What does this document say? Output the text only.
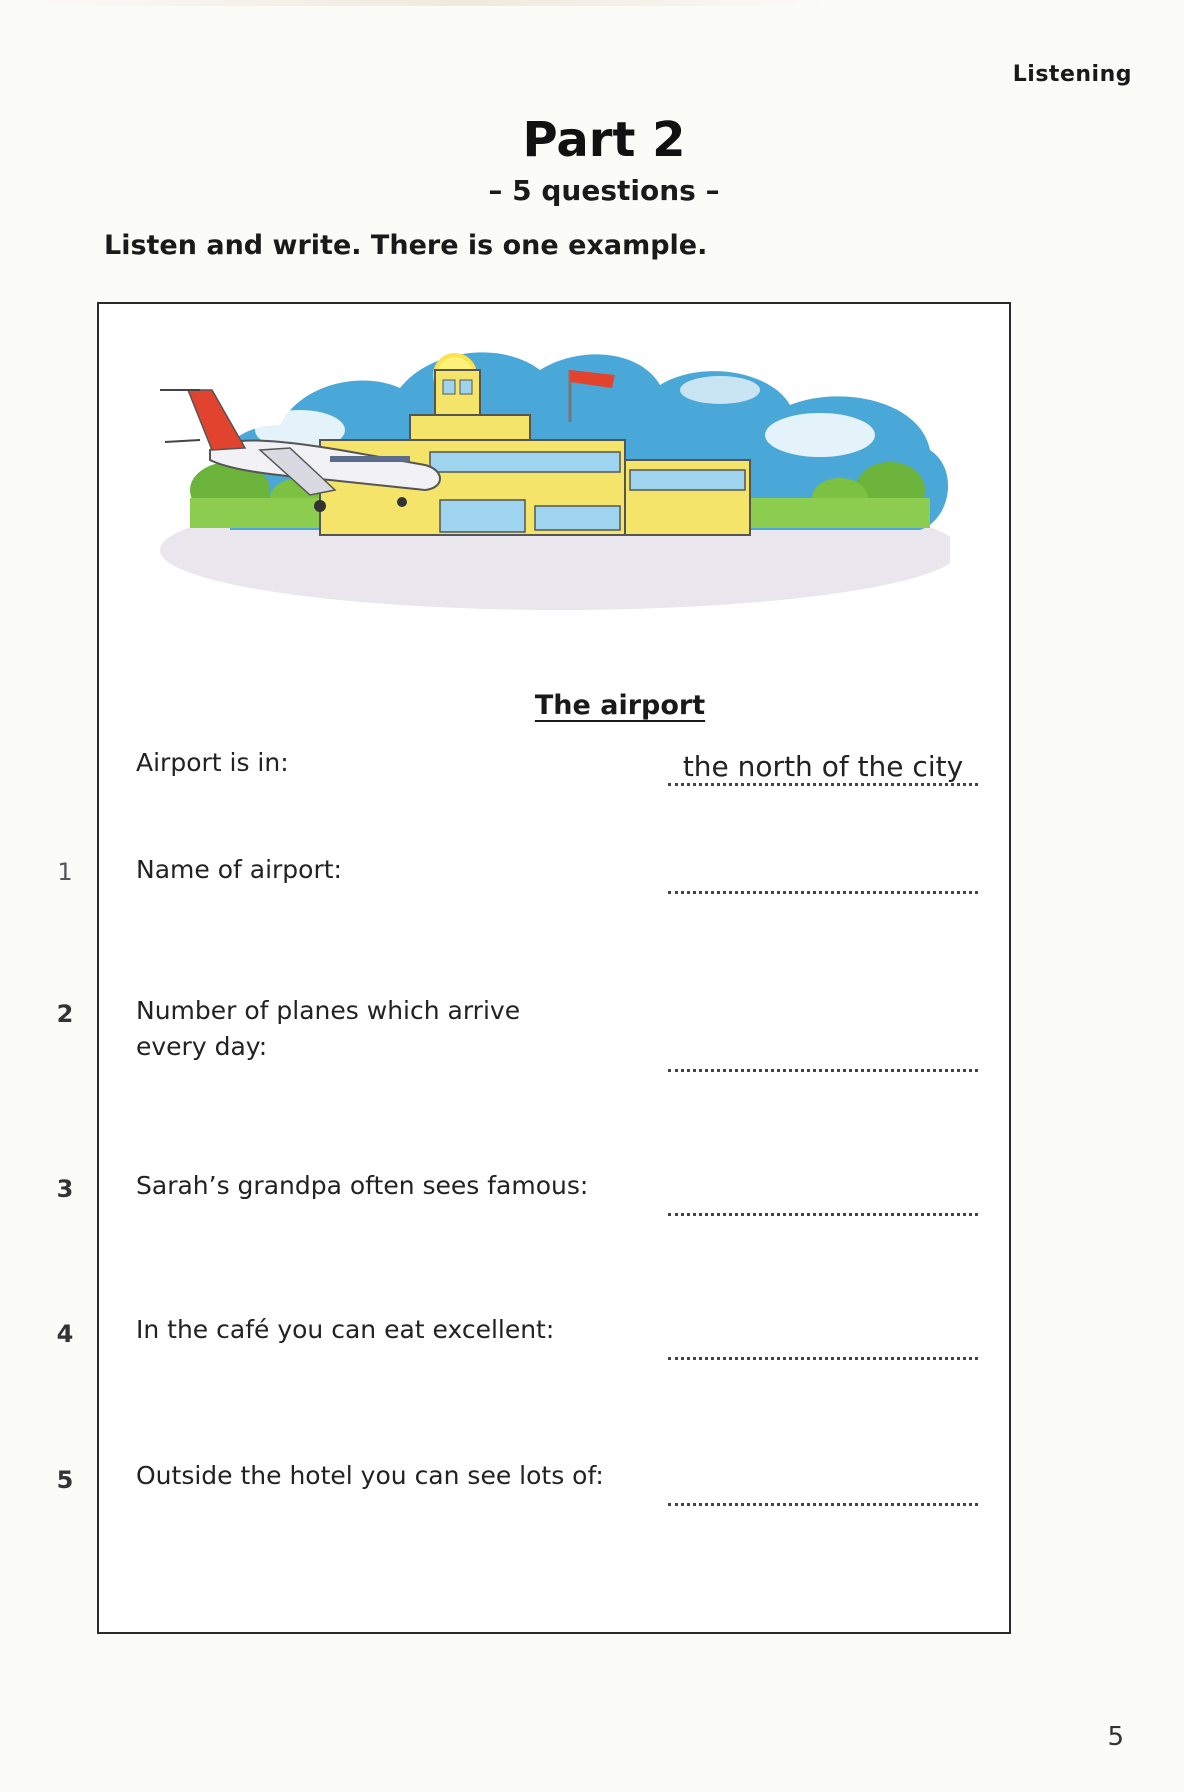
Listening
Part 2
– 5 questions –
Listen and write. There is one example.
The airport
Airport is in:	the north of the city
1	Name of airport:
2	Number of planes which arrive every day:
3	Sarah’s grandpa often sees famous:
4	In the café you can eat excellent:
5	Outside the hotel you can see lots of:
5
